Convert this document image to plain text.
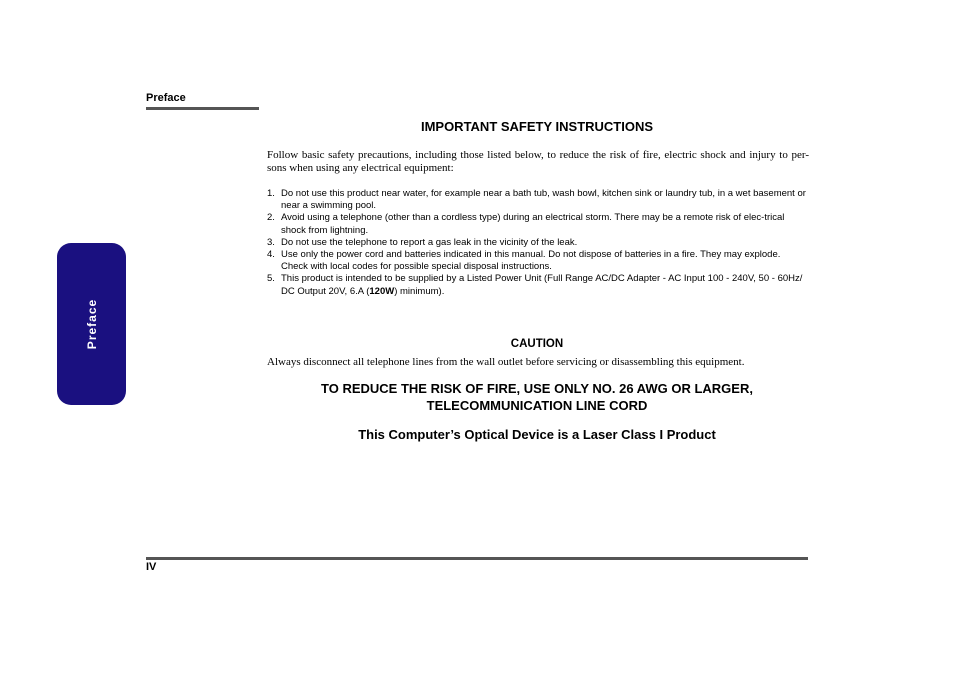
Preface
Preface
IMPORTANT SAFETY INSTRUCTIONS
Follow basic safety precautions, including those listed below, to reduce the risk of fire, electric shock and injury to per-sons when using any electrical equipment:
1. Do not use this product near water, for example near a bath tub, wash bowl, kitchen sink or laundry tub, in a wet basement or near a swimming pool.
2. Avoid using a telephone (other than a cordless type) during an electrical storm. There may be a remote risk of elec-trical shock from lightning.
3. Do not use the telephone to report a gas leak in the vicinity of the leak.
4. Use only the power cord and batteries indicated in this manual. Do not dispose of batteries in a fire. They may explode. Check with local codes for possible special disposal instructions.
5. This product is intended to be supplied by a Listed Power Unit (Full Range AC/DC Adapter - AC Input 100 - 240V, 50 - 60Hz/ DC Output 20V, 6.A (120W) minimum).
CAUTION
Always disconnect all telephone lines from the wall outlet before servicing or disassembling this equipment.
TO REDUCE THE RISK OF FIRE, USE ONLY NO. 26 AWG OR LARGER,
TELECOMMUNICATION LINE CORD
This Computer’s Optical Device is a Laser Class I Product
IV
